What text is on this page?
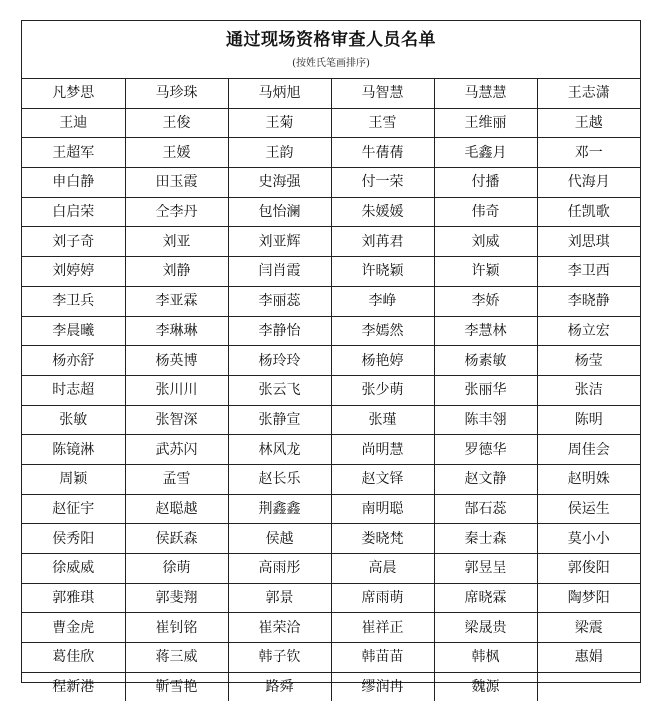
通过现场资格审查人员名单
(按姓氏笔画排序)
凡梦思	马珍珠	马炳旭	马智慧	马慧慧	王志潇
王迪	王俊	王菊	王雪	王维丽	王越
王超军	王媛	王韵	牛蒨蒨	毛鑫月	邓一
申白静	田玉霞	史海强	付一荣	付播	代海月
白启荣	仝李丹	包怡澜	朱媛媛	伟奇	任凯歌
刘子奇	刘亚	刘亚辉	刘苒君	刘威	刘思琪
刘婷婷	刘静	闫肖霞	许晓颖	许颖	李卫西
李卫兵	李亚霖	李丽蕊	李峥	李娇	李晓静
李晨曦	李琳琳	李静怡	李嫣然	李慧林	杨立宏
杨亦舒	杨英博	杨玲玲	杨艳婷	杨素敏	杨莹
时志超	张川川	张云飞	张少萌	张丽华	张洁
张敏	张智深	张静宣	张瑾	陈丰翎	陈明
陈镜淋	武苏闪	林风龙	尚明慧	罗德华	周佳会
周颖	孟雪	赵长乐	赵文铎	赵文静	赵明姝
赵征宇	赵聪越	荆鑫鑫	南明聪	郜石蕊	侯运生
侯秀阳	侯跃森	侯越	娄晓梵	秦士森	莫小小
徐威威	徐萌	高雨彤	高晨	郭昱呈	郭俊阳
郭雅琪	郭斐翔	郭景	席雨萌	席晓霖	陶梦阳
曹金虎	崔钊铭	崔荣洽	崔祥正	梁晟贵	梁震
葛佳欣	蒋三威	韩子钦	韩苗苗	韩枫	惠娟
程新港	靳雪艳	路舜	缪润冉	魏源	
